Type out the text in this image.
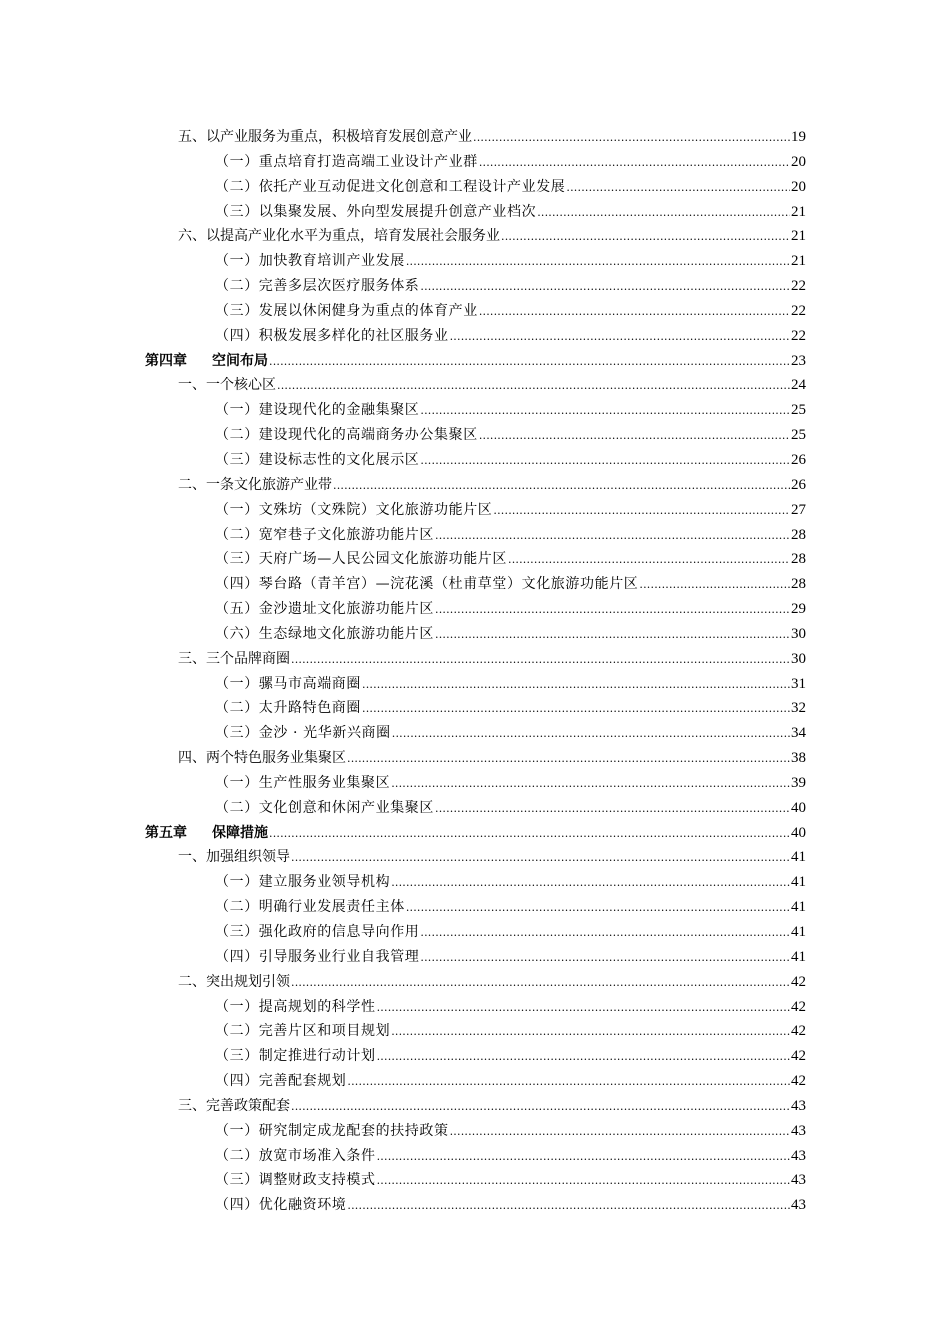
五、以产业服务为重点，积极培育发展创意产业 .....	19
（一）重点培育打造高端工业设计产业群 .....	20
（二）依托产业互动促进文化创意和工程设计产业发展 .....	20
（三）以集聚发展、外向型发展提升创意产业档次 .....	21
六、以提高产业化水平为重点，培育发展社会服务业 .....	21
（一）加快教育培训产业发展 .....	21
（二）完善多层次医疗服务体系 .....	22
（三）发展以休闲健身为重点的体育产业 .....	22
（四）积极发展多样化的社区服务业 .....	22
第四章 空间布局 .....	23
一、一个核心区 .....	24
（一）建设现代化的金融集聚区 .....	25
（二）建设现代化的高端商务办公集聚区 .....	25
（三）建设标志性的文化展示区 .....	26
二、一条文化旅游产业带 .....	26
（一）文殊坊（文殊院）文化旅游功能片区 .....	27
（二）宽窄巷子文化旅游功能片区 .....	28
（三）天府广场—人民公园文化旅游功能片区 .....	28
（四）琴台路（青羊宫）—浣花溪（杜甫草堂）文化旅游功能片区 .....	28
（五）金沙遗址文化旅游功能片区 .....	29
（六）生态绿地文化旅游功能片区 .....	30
三、三个品牌商圈 .....	30
（一）骡马市高端商圈 .....	31
（二）太升路特色商圈 .....	32
（三）金沙 · 光华新兴商圈 .....	34
四、两个特色服务业集聚区 .....	38
（一）生产性服务业集聚区 .....	39
（二）文化创意和休闲产业集聚区 .....	40
第五章 保障措施 .....	40
一、加强组织领导 .....	41
（一）建立服务业领导机构 .....	41
（二）明确行业发展责任主体 .....	41
（三）强化政府的信息导向作用 .....	41
（四）引导服务业行业自我管理 .....	41
二、突出规划引领 .....	42
（一）提高规划的科学性 .....	42
（二）完善片区和项目规划 .....	42
（三）制定推进行动计划 .....	42
（四）完善配套规划 .....	42
三、完善政策配套 .....	43
（一）研究制定成龙配套的扶持政策 .....	43
（二）放宽市场准入条件 .....	43
（三）调整财政支持模式 .....	43
（四）优化融资环境 .....	43
